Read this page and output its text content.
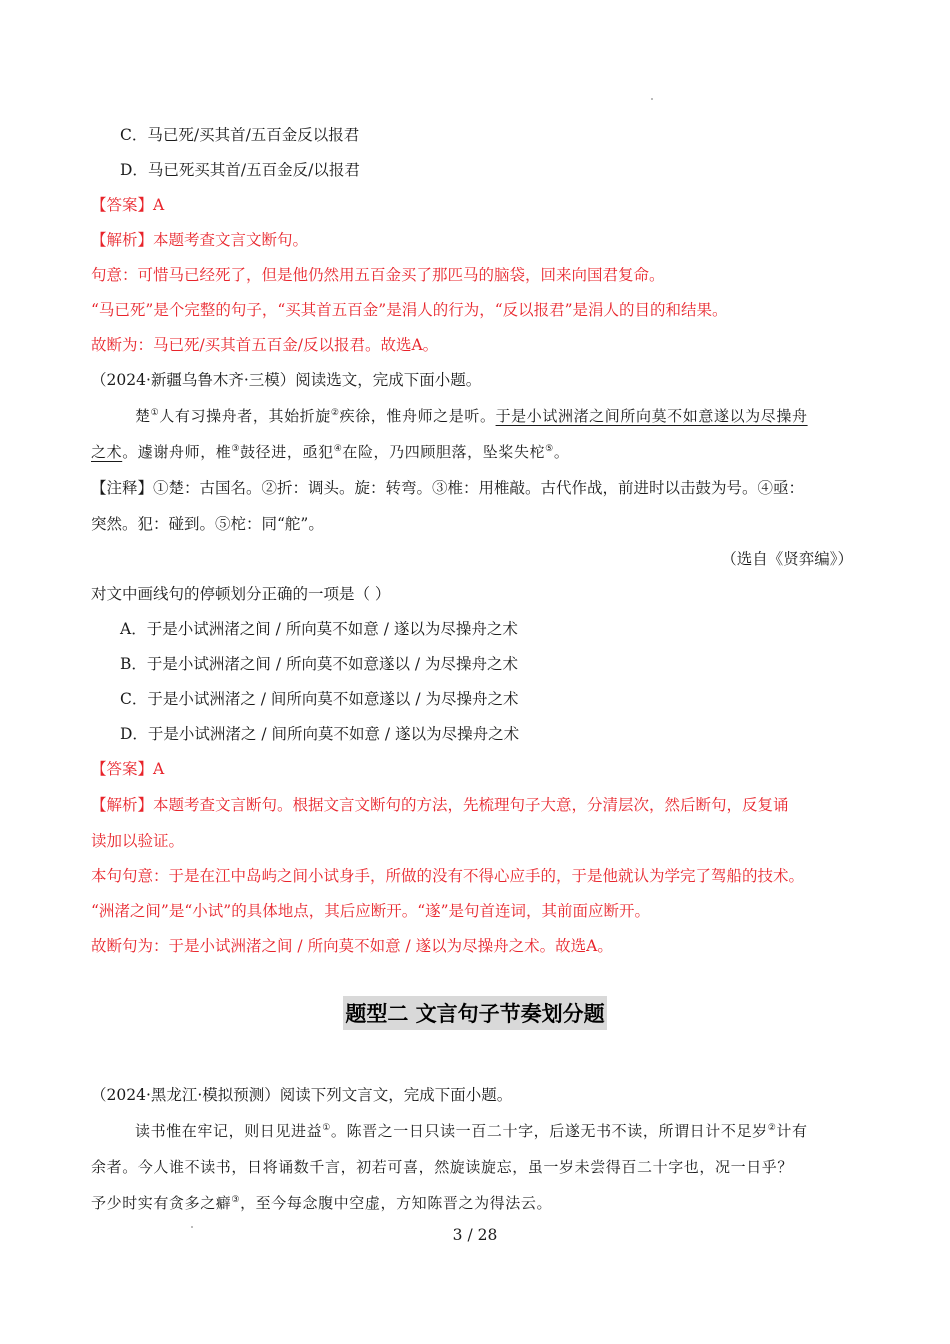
C．马已死/买其首/五百金反以报君
D．马已死买其首/五百金反/以报君
【答案】A
【解析】本题考查文言文断句。
句意：可惜马已经死了，但是他仍然用五百金买了那匹马的脑袋，回来向国君复命。
“马已死”是个完整的句子，“买其首五百金”是涓人的行为，“反以报君”是涓人的目的和结果。
故断为：马已死/买其首五百金/反以报君。故选A。
（2024·新疆乌鲁木齐·三模）阅读选文，完成下面小题。
楚①人有习操舟者，其始折旋②疾徐，惟舟师之是听。于是小试洲渚之间所向莫不如意遂以为尽操舟
之术。遽谢舟师，椎③鼓径进，亟犯④在险，乃四顾胆落，坠桨失柁⑤。
【注释】①楚：古国名。②折：调头。旋：转弯。③椎：用椎敲。古代作战，前进时以击鼓为号。④亟：
突然。犯：碰到。⑤柁：同“舵”。
（选自《贤弈编》）
对文中画线句的停顿划分正确的一项是（ ）
A．于是小试洲渚之间 / 所向莫不如意 / 遂以为尽操舟之术
B．于是小试洲渚之间 / 所向莫不如意遂以 / 为尽操舟之术
C．于是小试洲渚之 / 间所向莫不如意遂以 / 为尽操舟之术
D．于是小试洲渚之 / 间所向莫不如意 / 遂以为尽操舟之术
【答案】A
【解析】本题考查文言断句。根据文言文断句的方法，先梳理句子大意，分清层次，然后断句，反复诵
读加以验证。
本句句意：于是在江中岛屿之间小试身手，所做的没有不得心应手的，于是他就认为学完了驾船的技术。
“洲渚之间”是“小试”的具体地点，其后应断开。“遂”是句首连词，其前面应断开。
故断句为：于是小试洲渚之间 / 所向莫不如意 / 遂以为尽操舟之术。故选A。
题型二 文言句子节奏划分题
（2024·黑龙江·模拟预测）阅读下列文言文，完成下面小题。
读书惟在牢记，则日见进益①。陈晋之一日只读一百二十字，后遂无书不读，所谓日计不足岁②计有
余者。今人谁不读书，日将诵数千言，初若可喜，然旋读旋忘，虽一岁未尝得百二十字也，况一日乎？
予少时实有贪多之癖③，至今每念腹中空虚，方知陈晋之为得法云。
3 / 28
